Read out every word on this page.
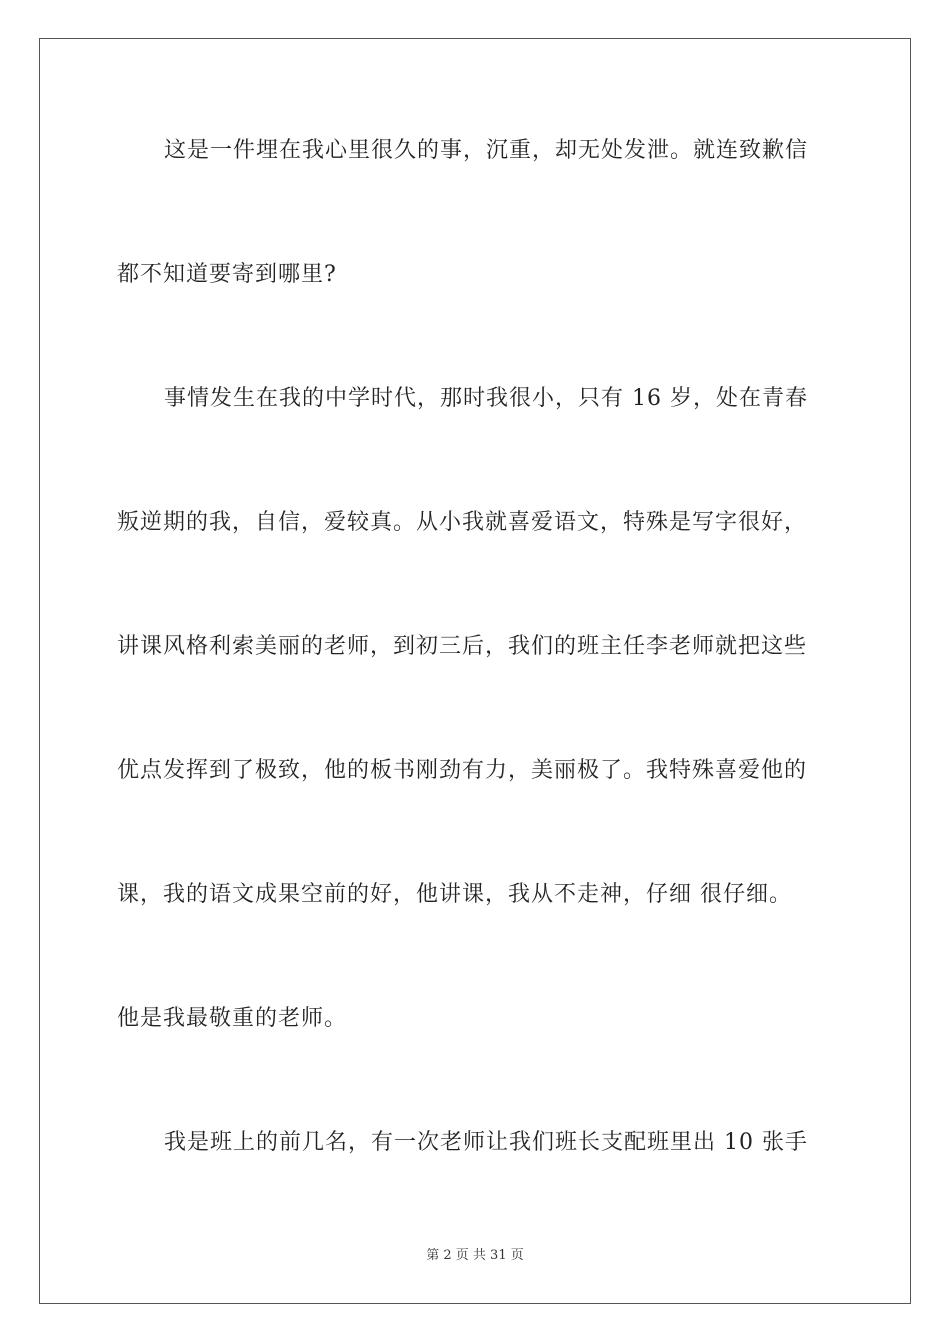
这是一件埋在我心里很久的事，沉重，却无处发泄。就连致歉信
都不知道要寄到哪里?
事情发生在我的中学时代，那时我很小，只有 16 岁，处在青春
叛逆期的我，自信，爱较真。从小我就喜爱语文，特殊是写字很好，
讲课风格利索美丽的老师，到初三后，我们的班主任李老师就把这些
优点发挥到了极致，他的板书刚劲有力，美丽极了。我特殊喜爱他的
课，我的语文成果空前的好，他讲课，我从不走神，仔细 很仔细。
他是我最敬重的老师。
我是班上的前几名，有一次老师让我们班长支配班里出 10 张手
第 2 页 共 31 页
